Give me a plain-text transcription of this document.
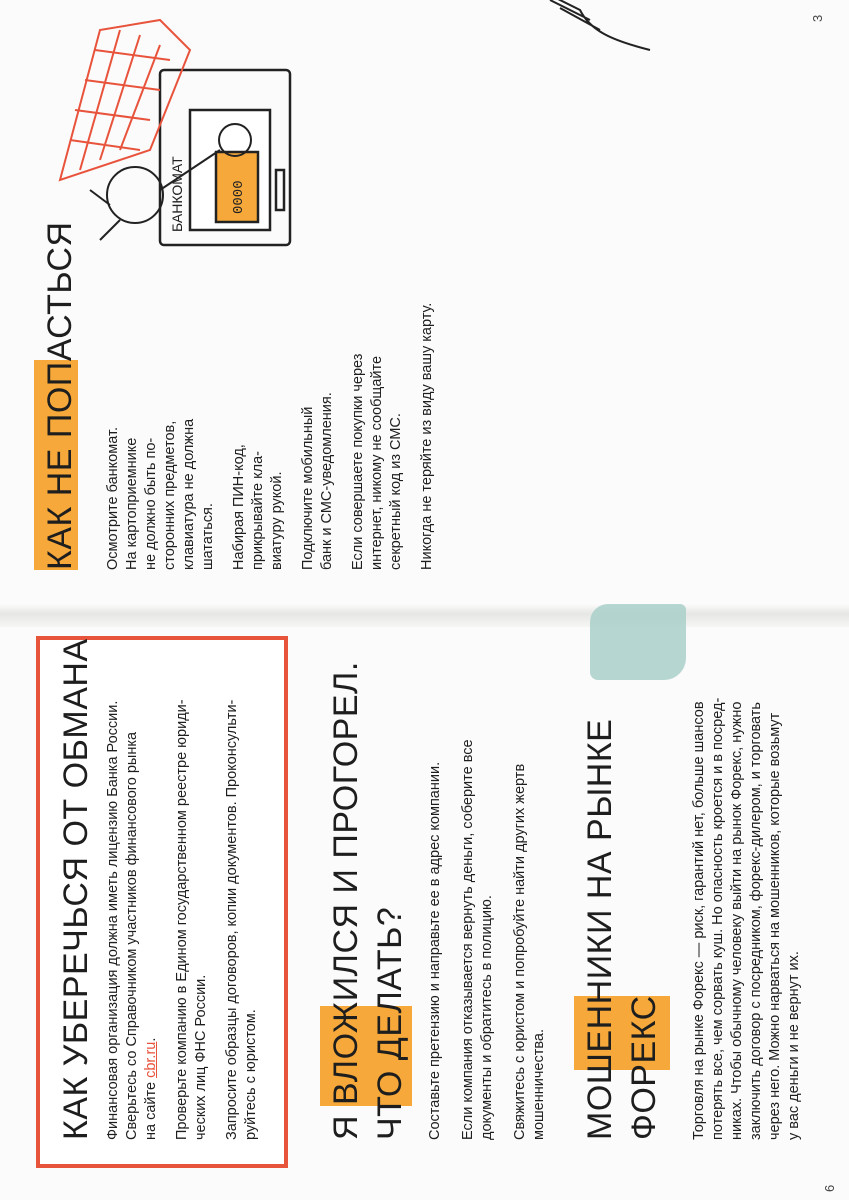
6
КАК УБЕРЕЧЬСЯ ОТ ОБМАНА Финансовая организация должна иметь лицензию Банка России. Сверьтесь со Справочником участников финансового рынка на сайте cbr.ru. Проверьте компанию в Едином государственном реестре юриди- ческих лиц ФНС России. Запросите образцы договоров, копии документов. Проконсульти- руйтесь с юристом. Я ВЛОЖИЛСЯ И ПРОГОРЕЛ. ЧТО ДЕЛАТЬ? Составьте претензию и направьте ее в адрес компании. Если компания отказывается вернуть деньги, соберите все документы и обратитесь в полицию. Свяжитесь с юристом и попробуйте найти других жертв мошенничества. МОШЕННИКИ НА РЫНКЕ ФОРЕКС Торговля на рынке Форекс — риск, гарантий нет, больше шансов потерять все, чем сорвать куш. Но опасность кроется и в посред- никах. Чтобы обычному человеку выйти на рынок Форекс, нужно заключить договор с посредником, форекс-дилером, и торговать через него. Можно нарваться на мошенников, которые возьмут у вас деньги и не вернут их.

3
КАК НЕ ПОПАСТЬСЯ Осмотрите банкомат. На картоприемнике не должно быть по- сторонних предметов, клавиатура не должна шататься. Набирая ПИН-код, прикрывайте кла- виатуру рукой. Подключите мобильный банк и СМС-уведомления. Если совершаете покупки через интернет, никому не сообщайте секретный код из СМС. Никогда не теряйте из виду вашу карту.

БАНКОМАТ	0000
